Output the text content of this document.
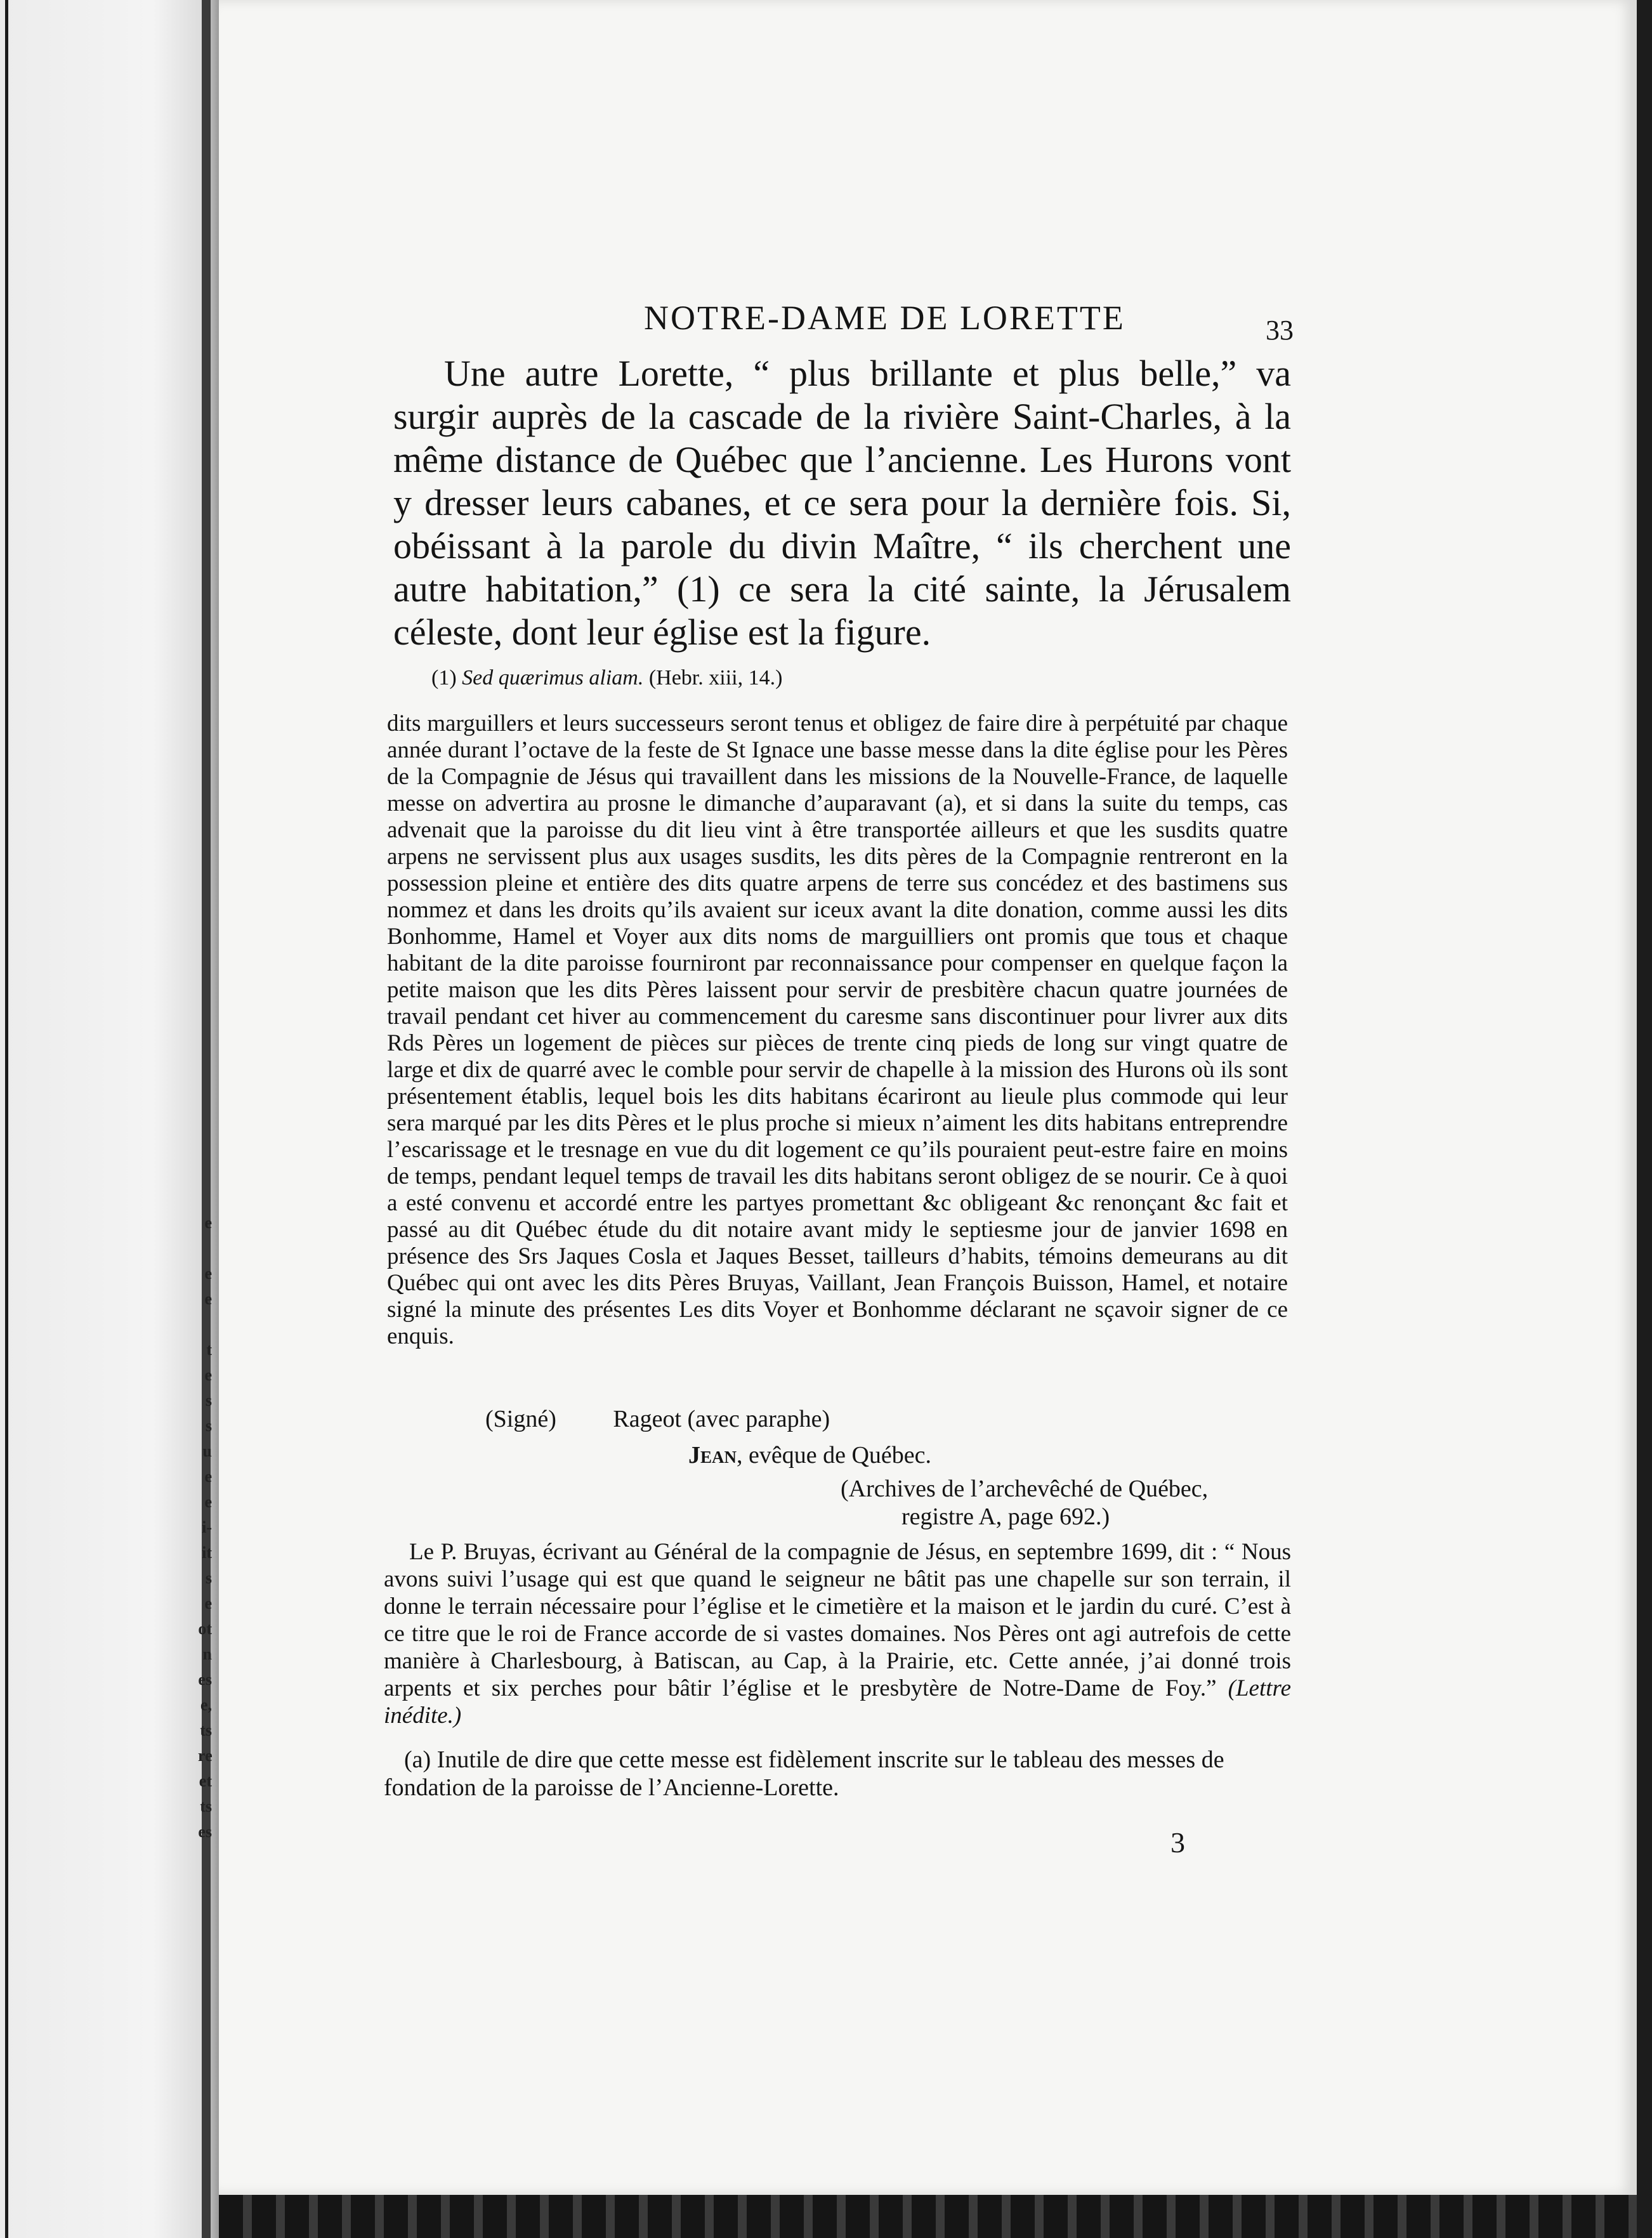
e
e
e
t
e
s
s
u
e
e
i-
it
s
e
ot
n
es
e,
ts
re
et
ts
es
NOTRE-DAME DE LORETTE	33

Une autre Lorette, “ plus brillante et plus belle,” va surgir auprès de la cascade de la rivière Saint-Charles, à la même distance de Québec que l’ancienne. Les Hurons vont y dresser leurs cabanes, et ce sera pour la dernière fois. Si, obéissant à la parole du divin Maître, “ ils cherchent une autre habitation,” (1) ce sera la cité sainte, la Jérusalem céleste, dont leur église est la figure.

(1) Sed quærimus aliam. (Hebr. xiii, 14.)

dits marguillers et leurs successeurs seront tenus et obligez de faire dire à perpétuité par chaque année durant l’octave de la feste de St Ignace une basse messe dans la dite église pour les Pères de la Compagnie de Jésus qui travaillent dans les missions de la Nouvelle-France, de laquelle messe on advertira au prosne le dimanche d’auparavant (a), et si dans la suite du temps, cas advenait que la paroisse du dit lieu vint à être transportée ailleurs et que les susdits quatre arpens ne servissent plus aux usages susdits, les dits pères de la Compagnie rentreront en la possession pleine et entière des dits quatre arpens de terre sus concédez et des bastimens sus nommez et dans les droits qu’ils avaient sur iceux avant la dite donation, comme aussi les dits Bonhomme, Hamel et Voyer aux dits noms de marguilliers ont promis que tous et chaque habitant de la dite paroisse fourniront par reconnaissance pour compenser en quelque façon la petite maison que les dits Pères laissent pour servir de presbitère chacun quatre journées de travail pendant cet hiver au commencement du caresme sans discontinuer pour livrer aux dits Rds Pères un logement de pièces sur pièces de trente cinq pieds de long sur vingt quatre de large et dix de quarré avec le comble pour servir de chapelle à la mission des Hurons où ils sont présentement établis, lequel bois les dits habitans écariront au lieule plus commode qui leur sera marqué par les dits Pères et le plus proche si mieux n’aiment les dits habitans entreprendre l’escarissage et le tresnage en vue du dit logement ce qu’ils pouraient peut-estre faire en moins de temps, pendant lequel temps de travail les dits habitans seront obligez de se nourir. Ce à quoi a esté convenu et accordé entre les partyes promettant &c obligeant &c renonçant &c fait et passé au dit Québec étude du dit notaire avant midy le septiesme jour de janvier 1698 en présence des Srs Jaques Cosla et Jaques Besset, tailleurs d’habits, témoins demeurans au dit Québec qui ont avec les dits Pères Bruyas, Vaillant, Jean François Buisson, Hamel, et notaire signé la minute des présentes Les dits Voyer et Bonhomme déclarant ne sçavoir signer de ce enquis.

(Signé) Rageot (avec paraphe)
Jean, evêque de Québec.
(Archives de l’archevêché de Québec,
registre A, page 692.)

Le P. Bruyas, écrivant au Général de la compagnie de Jésus, en septembre 1699, dit : “ Nous avons suivi l’usage qui est que quand le seigneur ne bâtit pas une chapelle sur son terrain, il donne le terrain nécessaire pour l’église et le cimetière et la maison et le jardin du curé. C’est à ce titre que le roi de France accorde de si vastes domaines. Nos Pères ont agi autrefois de cette manière à Charlesbourg, à Batiscan, au Cap, à la Prairie, etc. Cette année, j’ai donné trois arpents et six perches pour bâtir l’église et le presbytère de Notre-Dame de Foy.” (Lettre inédite.)

(a) Inutile de dire que cette messe est fidèlement inscrite sur le tableau des messes de fondation de la paroisse de l’Ancienne-Lorette.

3
